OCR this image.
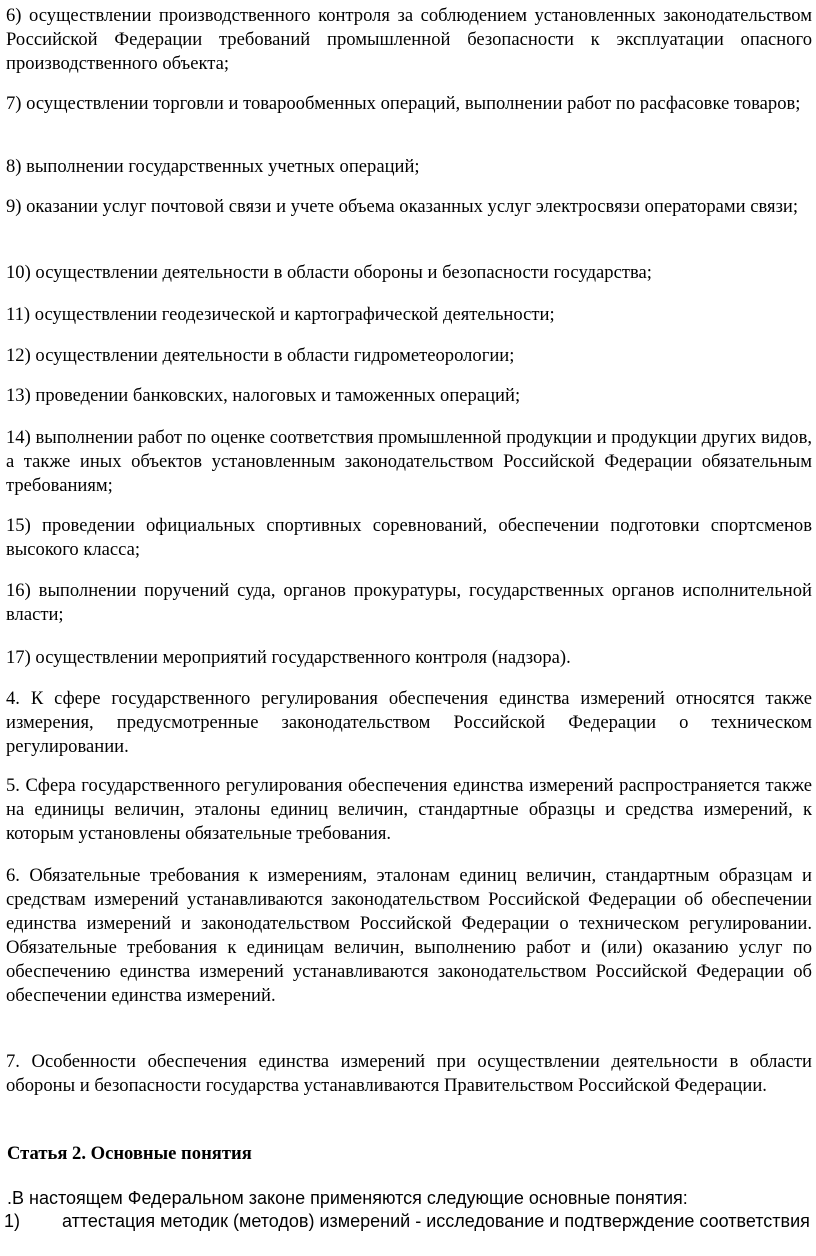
6) осуществлении производственного контроля за соблюдением установленных законодательством Российской Федерации требований промышленной безопасности к эксплуатации опасного производственного объекта;

7) осуществлении торговли и товарообменных операций, выполнении работ по расфасовке товаров;

8) выполнении государственных учетных операций;

9) оказании услуг почтовой связи и учете объема оказанных услуг электросвязи операторами связи;

10) осуществлении деятельности в области обороны и безопасности государства;

11) осуществлении геодезической и картографической деятельности;

12) осуществлении деятельности в области гидрометеорологии;

13) проведении банковских, налоговых и таможенных операций;

14) выполнении работ по оценке соответствия промышленной продукции и продукции других видов, а также иных объектов установленным законодательством Российской Федерации обязательным требованиям;

15) проведении официальных спортивных соревнований, обеспечении подготовки спортсменов высокого класса;

16) выполнении поручений суда, органов прокуратуры, государственных органов исполнительной власти;

17) осуществлении мероприятий государственного контроля (надзора).

4. К сфере государственного регулирования обеспечения единства измерений относятся также измерения, предусмотренные законодательством Российской Федерации о техническом регулировании.

5. Сфера государственного регулирования обеспечения единства измерений распространяется также на единицы величин, эталоны единиц величин, стандартные образцы и средства измерений, к которым установлены обязательные требования.

6. Обязательные требования к измерениям, эталонам единиц величин, стандартным образцам и средствам измерений устанавливаются законодательством Российской Федерации об обеспечении единства измерений и законодательством Российской Федерации о техническом регулировании. Обязательные требования к единицам величин, выполнению работ и (или) оказанию услуг по обеспечению единства измерений устанавливаются законодательством Российской Федерации об обеспечении единства измерений.

7. Особенности обеспечения единства измерений при осуществлении деятельности в области обороны и безопасности государства устанавливаются Правительством Российской Федерации.

Статья 2. Основные понятия

.В настоящем Федеральном законе применяются следующие основные понятия:

1) аттестация методик (методов) измерений - исследование и подтверждение соответствия
